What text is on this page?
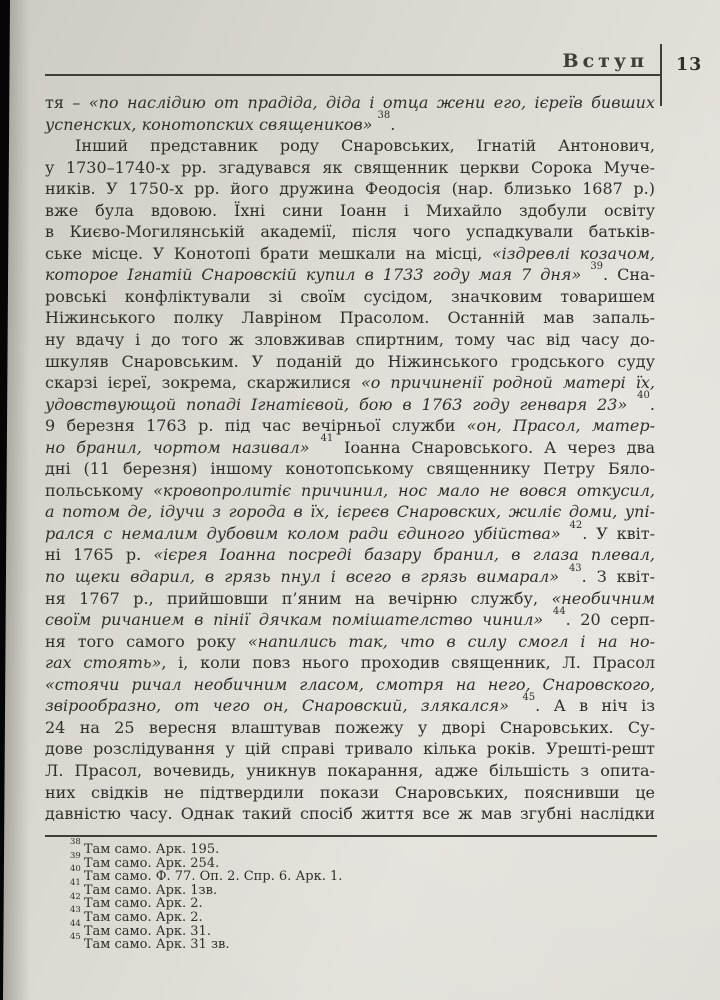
Вступ 13
тя – «по наслідию от прадіда, діда і отца жени его, ієреїв бивших
успенских, конотопских священиков» $^{38}$.
Інший представник роду Снаровських, Ігнатій Антонович,
у 1730–1740-х рр. згадувався як священник церкви Сорока Муче-
ників. У 1750-х рр. його дружина Феодосія (нар. близько 1687 р.)
вже була вдовою. Їхні сини Іоанн і Михайло здобули освіту
в Києво-Могилянській академії, після чого успадкували батьків-
ське місце. У Конотопі брати мешкали на місці, «іздревлі козачом,
которое Ігнатій Снаровскій купил в 1733 году мая 7 дня» $^{39}$. Сна-
ровські конфліктували зі своїм сусідом, значковим товаришем
Ніжинського полку Лавріном Прасолом. Останній мав запаль-
ну вдачу і до того ж зловживав спиртним, тому час від часу до-
шкуляв Снаровським. У поданій до Ніжинського гродського суду
скарзі ієреї, зокрема, скаржилися «о причиненії родной матері їх,
удовствующой попаді Ігнатієвой, бою в 1763 году генваря 23» $^{40}$.
9 березня 1763 р. під час вечірньої служби «он, Прасол, матер-
но бранил, чортом називал» $^{41}$ Іоанна Снаровського. А через два
дні (11 березня) іншому конотопському священнику Петру Бяло-
польському «кровопролитіє причинил, нос мало не вовся откусил,
а потом де, ідучи з города в їх, ієреєв Снаровских, жиліє доми, упі-
рался с немалим дубовим колом ради єдиного убійства» $^{42}$. У квіт-
ні 1765 р. «ієрея Іоанна посреді базару бранил, в глаза плевал,
по щеки вдарил, в грязь пнул і всего в грязь вимарал» $^{43}$. З квіт-
ня 1767 р., прийшовши п’яним на вечірню службу, «необичним
своїм ричанием в пінії дячкам помішателство чинил» $^{44}$. 20 серп-
ня того самого року «напились так, что в силу смогл і на но-
гах стоять», і, коли повз нього проходив священник, Л. Прасол
«стоячи ричал необичним гласом, смотря на него, Снаровского,
звірообразно, от чего он, Снаровский, злякался» $^{45}$. А в ніч із
24 на 25 вересня влаштував пожежу у дворі Снаровських. Су-
дове розслідування у цій справі тривало кілька років. Урешті-решт
Л. Прасол, вочевидь, уникнув покарання, адже більшість з опита-
них свідків не підтвердили покази Снаровських, пояснивши це
давністю часу. Однак такий спосіб життя все ж мав згубні наслідки
$^{38}$ Там само. Арк. 195.
$^{39}$ Там само. Арк. 254.
$^{40}$ Там само. Ф. 77. Оп. 2. Спр. 6. Арк. 1.
$^{41}$ Там само. Арк. 1зв.
$^{42}$ Там само. Арк. 2.
$^{43}$ Там само. Арк. 2.
$^{44}$ Там само. Арк. 31.
$^{45}$ Там само. Арк. 31 зв.
